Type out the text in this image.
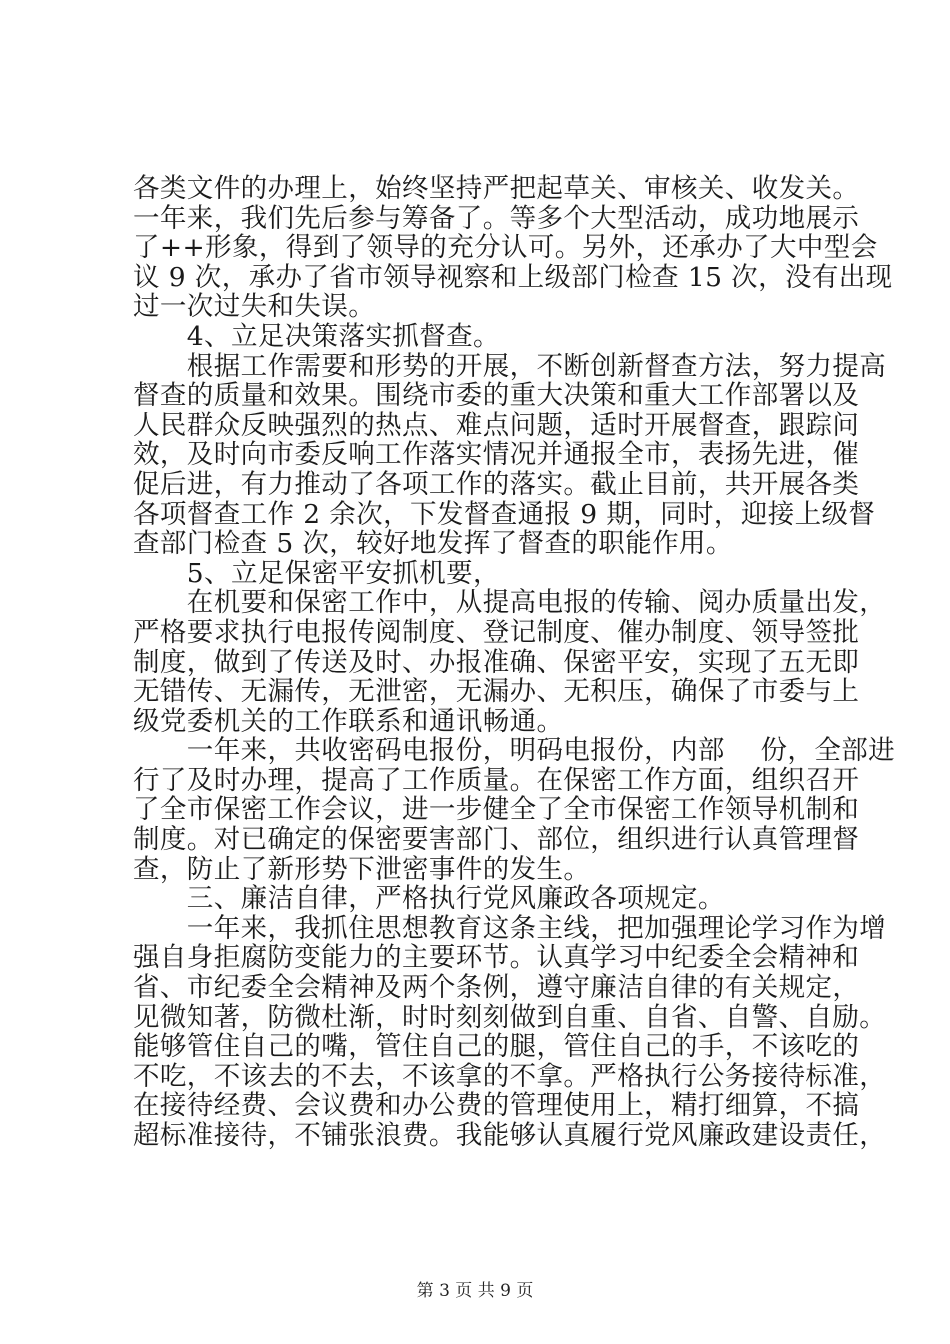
各类文件的办理上，始终坚持严把起草关、审核关、收发关。
一年来，我们先后参与筹备了。等多个大型活动，成功地展示
了++形象，得到了领导的充分认可。另外，还承办了大中型会
议 9 次，承办了省市领导视察和上级部门检查 15 次，没有出现
过一次过失和失误。
　　4、立足决策落实抓督查。
　　根据工作需要和形势的开展，不断创新督查方法，努力提高
督查的质量和效果。围绕市委的重大决策和重大工作部署以及
人民群众反映强烈的热点、难点问题，适时开展督查，跟踪问
效，及时向市委反响工作落实情况并通报全市，表扬先进，催
促后进，有力推动了各项工作的落实。截止目前，共开展各类
各项督查工作 2 余次，下发督查通报 9 期，同时，迎接上级督
查部门检查 5 次，较好地发挥了督查的职能作用。
　　5、立足保密平安抓机要，
　　在机要和保密工作中，从提高电报的传输、阅办质量出发，
严格要求执行电报传阅制度、登记制度、催办制度、领导签批
制度，做到了传送及时、办报准确、保密平安，实现了五无即
无错传、无漏传，无泄密，无漏办、无积压，确保了市委与上
级党委机关的工作联系和通讯畅通。
　　一年来，共收密码电报份，明码电报份，内部　 份，全部进
行了及时办理，提高了工作质量。在保密工作方面，组织召开
了全市保密工作会议，进一步健全了全市保密工作领导机制和
制度。对已确定的保密要害部门、部位，组织进行认真管理督
查，防止了新形势下泄密事件的发生。
　　三、廉洁自律，严格执行党风廉政各项规定。
　　一年来，我抓住思想教育这条主线，把加强理论学习作为增
强自身拒腐防变能力的主要环节。认真学习中纪委全会精神和
省、市纪委全会精神及两个条例，遵守廉洁自律的有关规定，
见微知著，防微杜渐，时时刻刻做到自重、自省、自警、自励。
能够管住自己的嘴，管住自己的腿，管住自己的手，不该吃的
不吃，不该去的不去，不该拿的不拿。严格执行公务接待标准，
在接待经费、会议费和办公费的管理使用上，精打细算，不搞
超标准接待，不铺张浪费。我能够认真履行党风廉政建设责任，
第 3 页 共 9 页
